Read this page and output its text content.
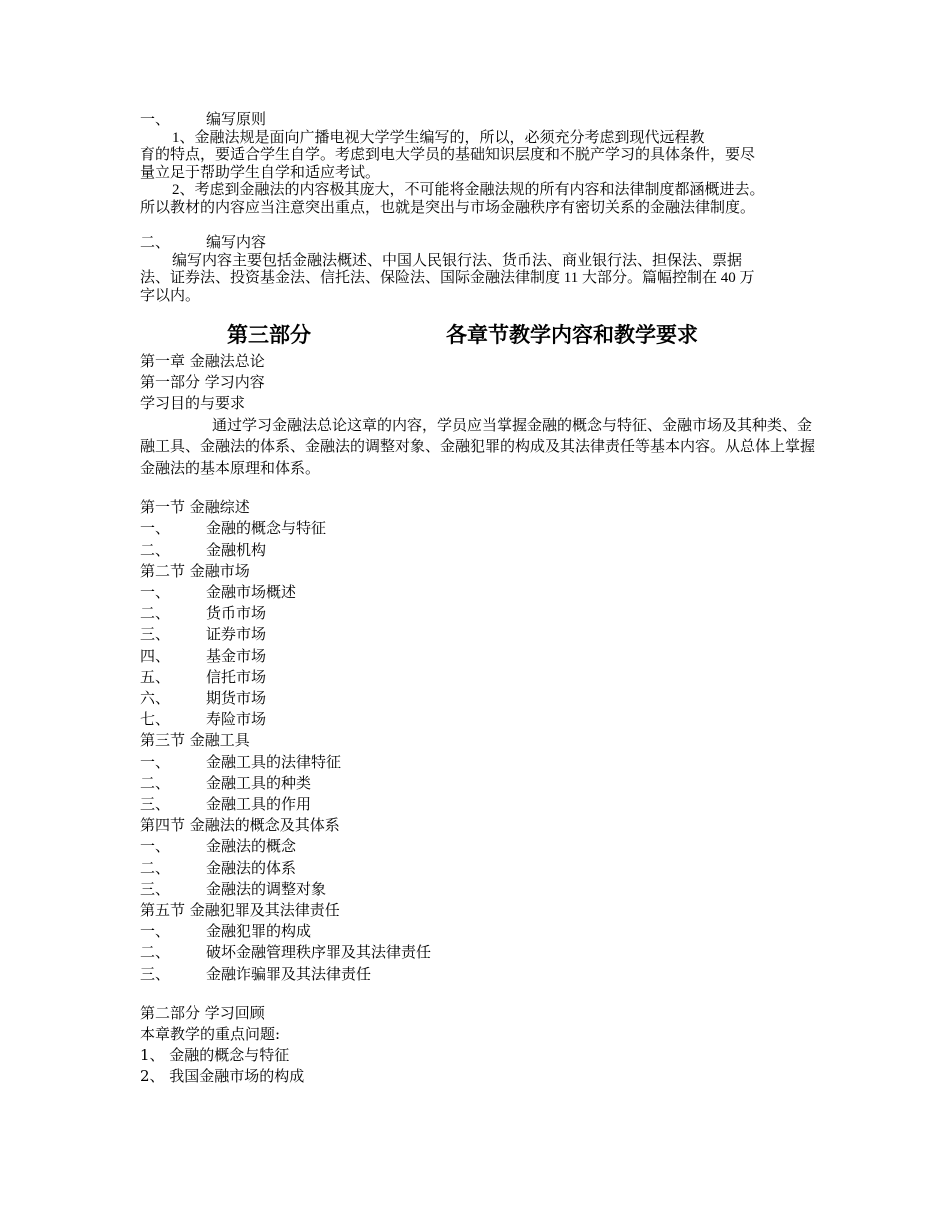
一、 编写原则
1、金融法规是面向广播电视大学学生编写的，所以，必须充分考虑到现代远程教
育的特点，要适合学生自学。考虑到电大学员的基础知识层度和不脱产学习的具体条件，要尽
量立足于帮助学生自学和适应考试。
2、考虑到金融法的内容极其庞大，不可能将金融法规的所有内容和法律制度都涵概进去。
所以教材的内容应当注意突出重点，也就是突出与市场金融秩序有密切关系的金融法律制度。
二、 编写内容
编写内容主要包括金融法概述、中国人民银行法、货币法、商业银行法、担保法、票据
法、证券法、投资基金法、信托法、保险法、国际金融法律制度 11 大部分。篇幅控制在 40 万
字以内。
第三部分	各章节教学内容和教学要求
第一章 金融法总论
第一部分 学习内容
学习目的与要求
通过学习金融法总论这章的内容，学员应当掌握金融的概念与特征、金融市场及其种类、金融工具、金融法的体系、金融法的调整对象、金融犯罪的构成及其法律责任等基本内容。从总体上掌握金融法的基本原理和体系。
第一节 金融综述
一、 金融的概念与特征
二、 金融机构
第二节 金融市场
一、 金融市场概述
二、 货币市场
三、 证券市场
四、 基金市场
五、 信托市场
六、 期货市场
七、 寿险市场
第三节 金融工具
一、 金融工具的法律特征
二、 金融工具的种类
三、 金融工具的作用
第四节 金融法的概念及其体系
一、 金融法的概念
二、 金融法的体系
三、 金融法的调整对象
第五节 金融犯罪及其法律责任
一、 金融犯罪的构成
二、 破坏金融管理秩序罪及其法律责任
三、 金融诈骗罪及其法律责任
第二部分 学习回顾
本章教学的重点问题:
1、 金融的概念与特征
2、 我国金融市场的构成
